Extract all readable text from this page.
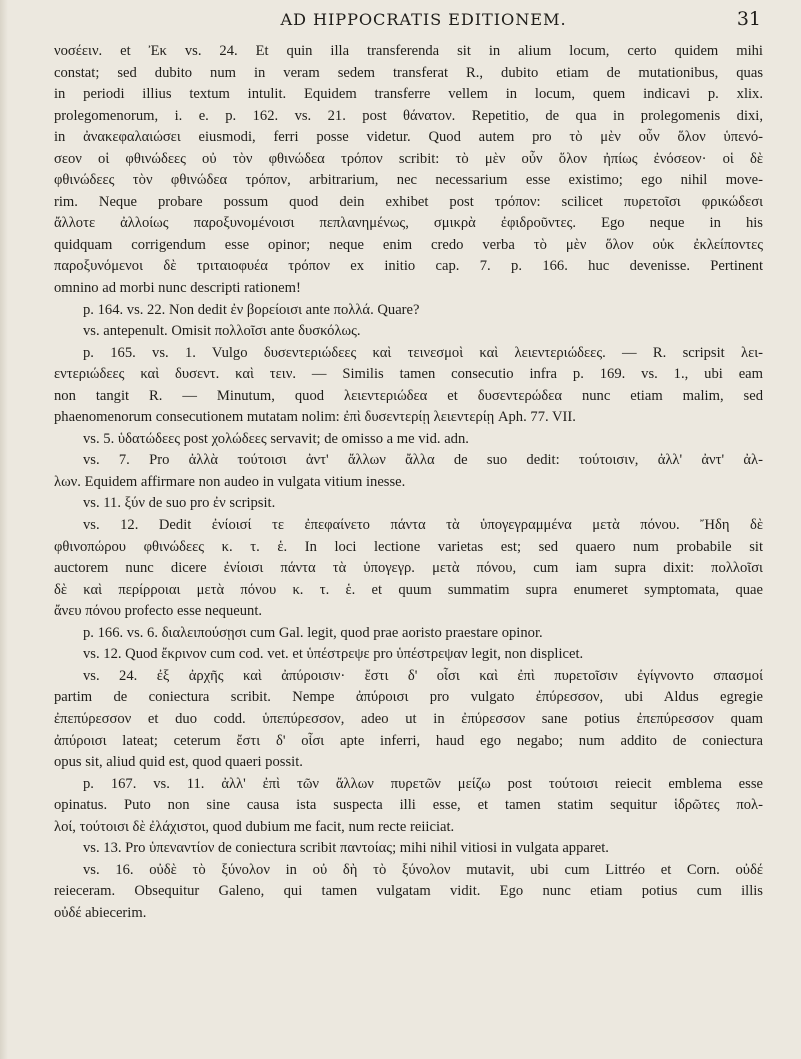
AD HIPPOCRATIS EDITIONEM.	31
νοσέειν. et Ἐκ vs. 24. Et quin illa transferenda sit in alium locum, certo quidem mihi
constat; sed dubito num in veram sedem transferat R., dubito etiam de mutationibus, quas
in periodi illius textum intulit. Equidem transferre vellem in locum, quem indicavi p. xlix.
prolegomenorum, i. e. p. 162. vs. 21. post θάνατον. Repetitio, de qua in prolegomenis dixi,
in ἀνακεφαλαιώσει eiusmodi, ferri posse videtur. Quod autem pro τὸ μὲν οὖν ὅλον ὑπενό-
σεον οἱ φθινώδεες οὐ τὸν φθινώδεα τρόπον scribit: τὸ μὲν οὖν ὅλον ἠπίως ἐνόσεον· οἱ δὲ
φθινώδεες τὸν φθινώδεα τρόπον, arbitrarium, nec necessarium esse existimo; ego nihil move-
rim. Neque probare possum quod dein exhibet post τρόπον: scilicet πυρετοῖσι φρικώδεσι
ἄλλοτε ἀλλοίως παροξυνομένοισι πεπλανημένως, σμικρὰ ἐφιδροῦντες. Ego neque in his
quidquam corrigendum esse opinor; neque enim credo verba τὸ μὲν ὅλον οὐκ ἐκλείποντες
παροξυνόμενοι δὲ τριταιοφυέα τρόπον ex initio cap. 7. p. 166. huc devenisse. Pertinent
omnino ad morbi nunc descripti rationem!
p. 164. vs. 22. Non dedit ἐν βορείοισι ante πολλά. Quare?
vs. antepenult. Omisit πολλοῖσι ante δυσκόλως.
p. 165. vs. 1. Vulgo δυσεντεριώδεες καὶ τεινεσμοὶ καὶ λειεντεριώδεες. — R. scripsit λει-
εντεριώδεες καὶ δυσεντ. καὶ τειν. — Similis tamen consecutio infra p. 169. vs. 1., ubi eam
non tangit R. — Minutum, quod λειεντεριώδεα et δυσεντερώδεα nunc etiam malim, sed
phaenomenorum consecutionem mutatam nolim: ἐπὶ δυσεντερίῃ λειεντερίῃ Aph. 77. VII.
vs. 5. ὑδατώδεες post χολώδεες servavit; de omisso a me vid. adn.
vs. 7. Pro ἀλλὰ τούτοισι ἀντ' ἄλλων ἄλλα de suo dedit: τούτοισιν, ἀλλ' ἀντ' ἀλ-
λων. Equidem affirmare non audeo in vulgata vitium inesse.
vs. 11. ξύν de suo pro ἐν scripsit.
vs. 12. Dedit ἐνίοισί τε ἐπεφαίνετο πάντα τὰ ὑπογεγραμμένα μετὰ πόνου. Ἤδη δὲ
φθινοπώρου φθινώδεες κ. τ. ἑ. In loci lectione varietas est; sed quaero num probabile sit
auctorem nunc dicere ἐνίοισι πάντα τὰ ὑπογεγρ. μετὰ πόνου, cum iam supra dixit: πολλοῖσι
δὲ καὶ περίρροιαι μετὰ πόνου κ. τ. ἑ. et quum summatim supra enumeret symptomata, quae
ἄνευ πόνου profecto esse nequeunt.
p. 166. vs. 6. διαλειπούσῃσι cum Gal. legit, quod prae aoristo praestare opinor.
vs. 12. Quod ἔκρινον cum cod. vet. et ὑπέστρεψε pro ὑπέστρεψαν legit, non displicet.
vs. 24. ἐξ ἀρχῆς καὶ ἀπύροισιν· ἔστι δ' οἷσι καὶ ἐπὶ πυρετοῖσιν ἐγίγνοντο σπασμοί
partim de coniectura scribit. Nempe ἀπύροισι pro vulgato ἐπύρεσσον, ubi Aldus egregie
ἐπεπύρεσσον et duo codd. ὑπεπύρεσσον, adeo ut in ἐπύρεσσον sane potius ἐπεπύρεσσον quam
ἀπύροισι lateat; ceterum ἔστι δ' οἷσι apte inferri, haud ego negabo; num addito de coniectura
opus sit, aliud quid est, quod quaeri possit.
p. 167. vs. 11. ἀλλ' ἐπὶ τῶν ἄλλων πυρετῶν μείζω post τούτοισι reiecit emblema esse
opinatus. Puto non sine causa ista suspecta illi esse, et tamen statim sequitur ἱδρῶτες πολ-
λοί, τούτοισι δὲ ἐλάχιστοι, quod dubium me facit, num recte reiiciat.
vs. 13. Pro ὑπεναντίον de coniectura scribit παντοίας; mihi nihil vitiosi in vulgata apparet.
vs. 16. οὐδὲ τὸ ξύνολον in οὐ δὴ τὸ ξύνολον mutavit, ubi cum Littréo et Corn. οὐδέ
reieceram. Obsequitur Galeno, qui tamen vulgatam vidit. Ego nunc etiam potius cum illis
οὐδέ abiecerim.
